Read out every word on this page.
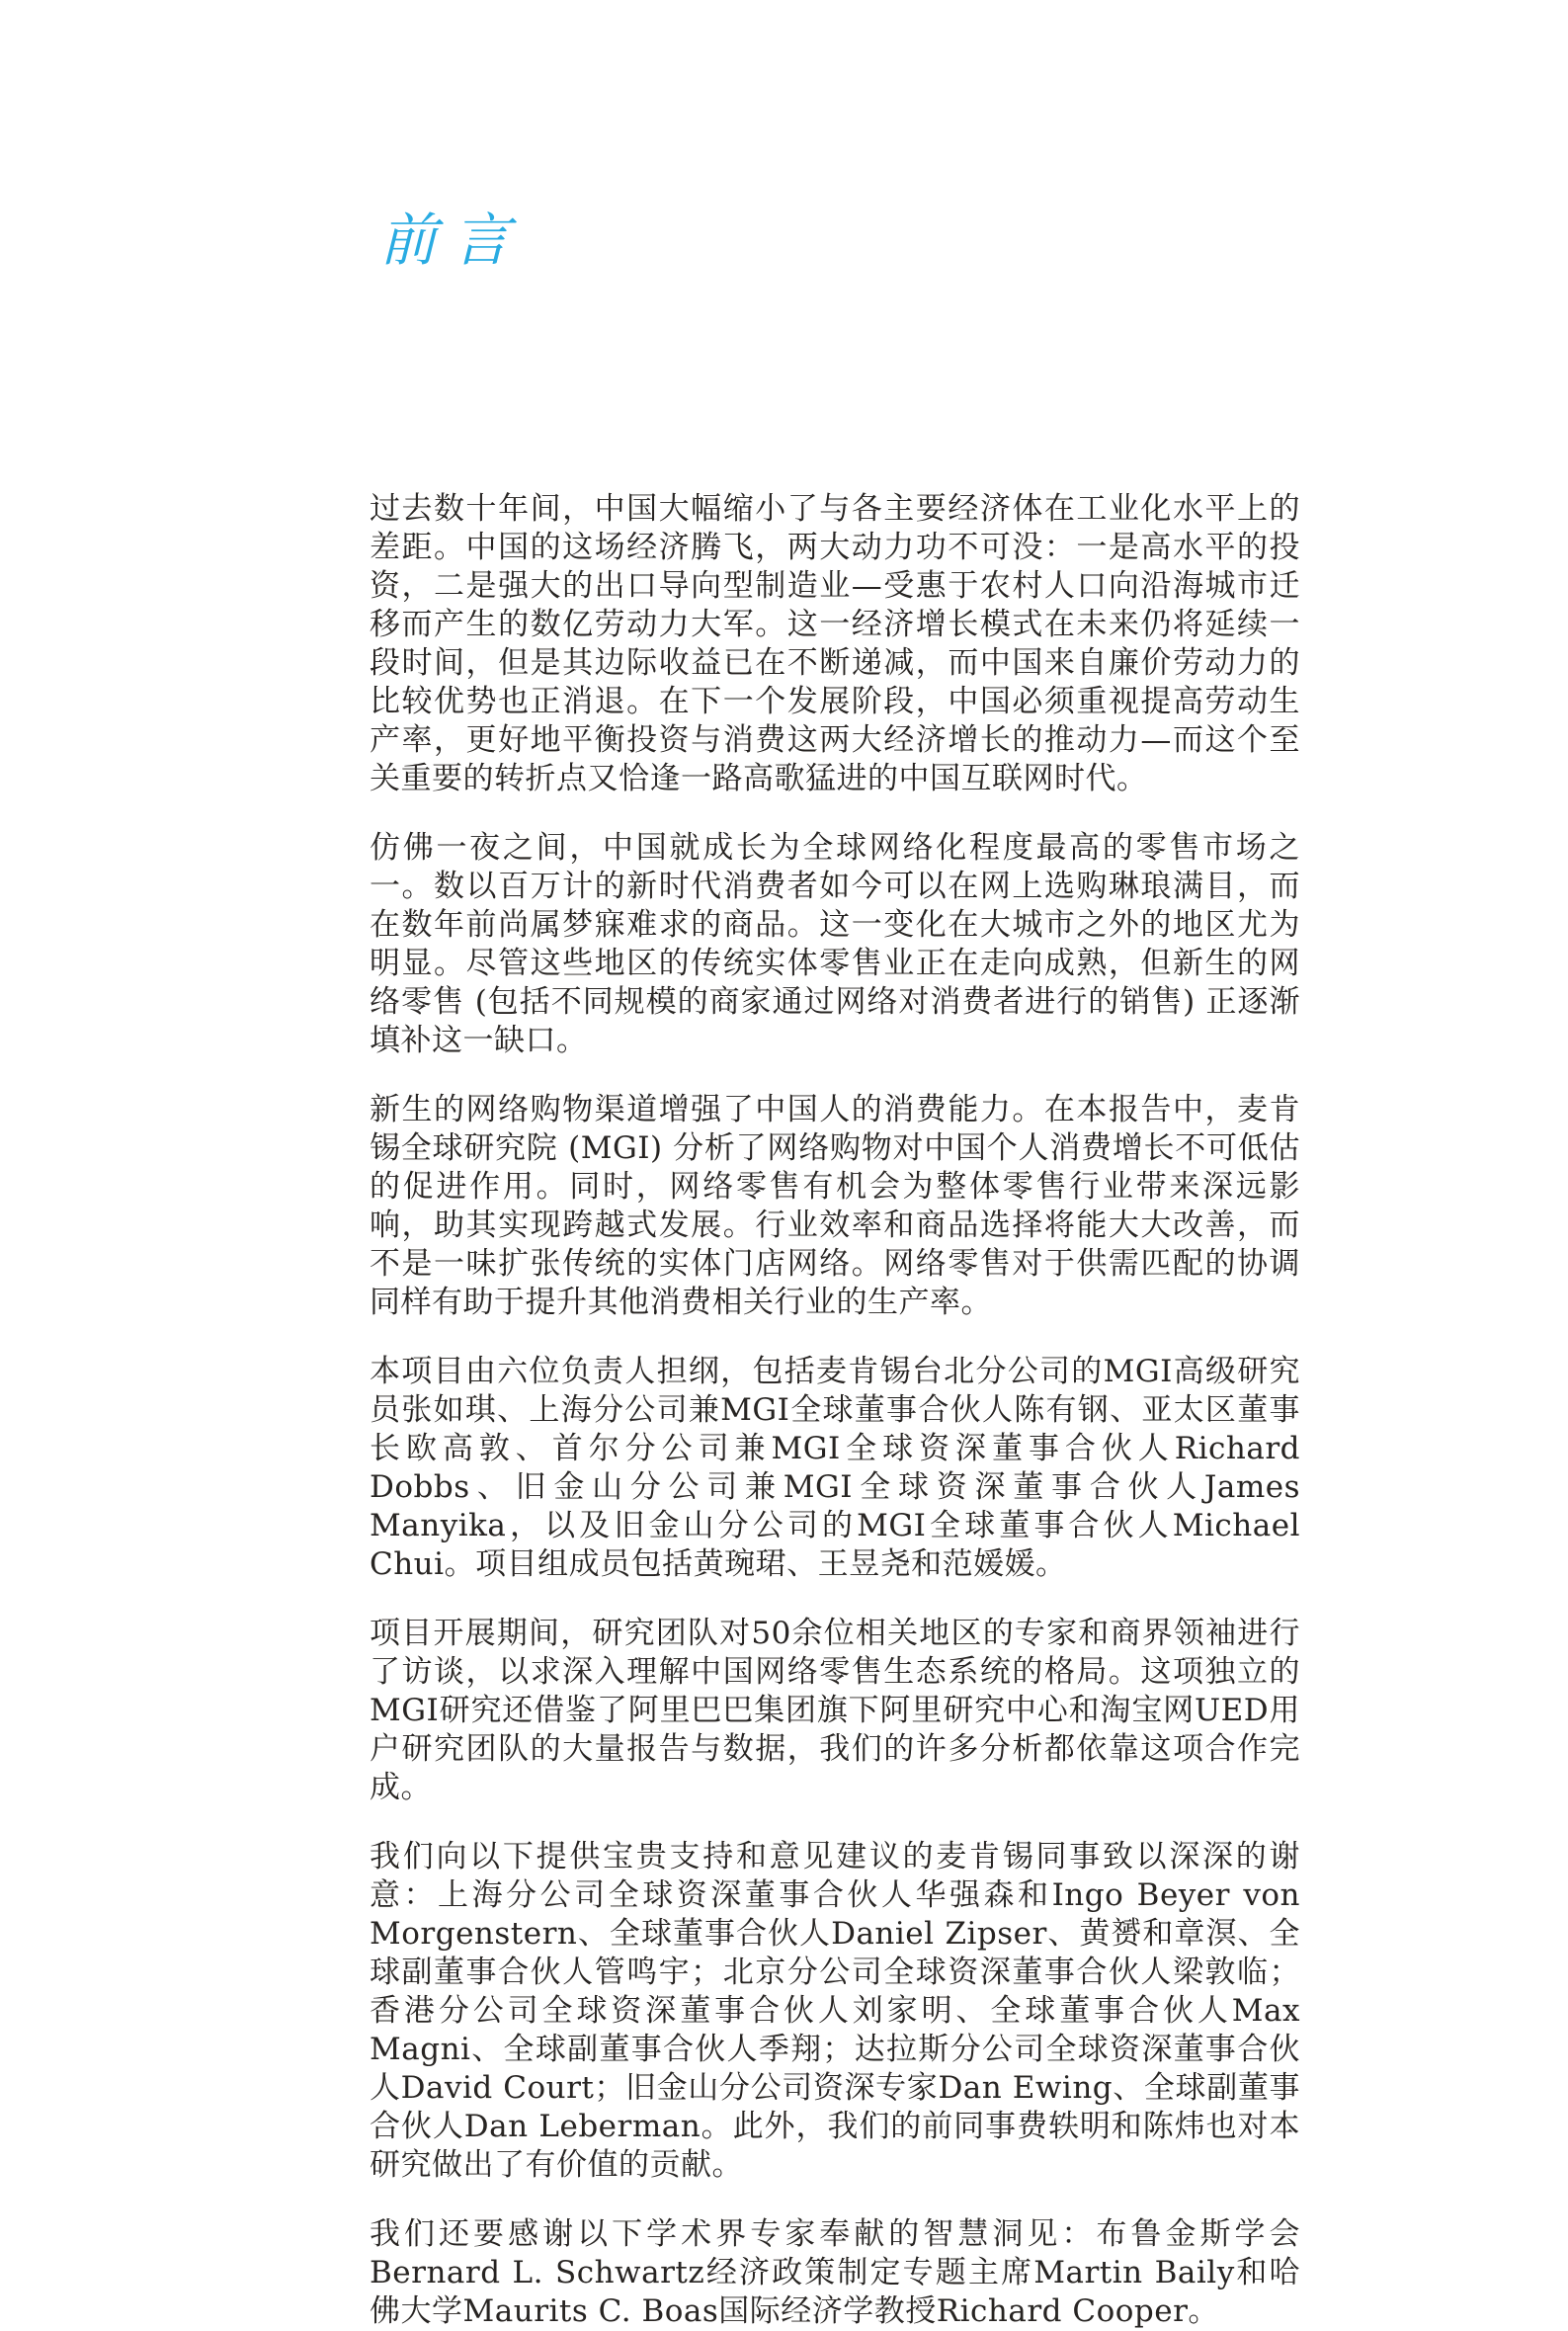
前言

过去数十年间，中国大幅缩小了与各主要经济体在工业化水平上的差距。中国的这场经济腾飞，两大动力功不可没：一是高水平的投资，二是强大的出口导向型制造业—受惠于农村人口向沿海城市迁移而产生的数亿劳动力大军。这一经济增长模式在未来仍将延续一段时间，但是其边际收益已在不断递减，而中国来自廉价劳动力的比较优势也正消退。在下一个发展阶段，中国必须重视提高劳动生产率，更好地平衡投资与消费这两大经济增长的推动力—而这个至关重要的转折点又恰逢一路高歌猛进的中国互联网时代。

仿佛一夜之间，中国就成长为全球网络化程度最高的零售市场之一。数以百万计的新时代消费者如今可以在网上选购琳琅满目，而在数年前尚属梦寐难求的商品。这一变化在大城市之外的地区尤为明显。尽管这些地区的传统实体零售业正在走向成熟，但新生的网络零售 (包括不同规模的商家通过网络对消费者进行的销售) 正逐渐填补这一缺口。

新生的网络购物渠道增强了中国人的消费能力。在本报告中，麦肯锡全球研究院 (MGI) 分析了网络购物对中国个人消费增长不可低估的促进作用。同时，网络零售有机会为整体零售行业带来深远影响，助其实现跨越式发展。行业效率和商品选择将能大大改善，而不是一味扩张传统的实体门店网络。网络零售对于供需匹配的协调同样有助于提升其他消费相关行业的生产率。

本项目由六位负责人担纲，包括麦肯锡台北分公司的MGI高级研究员张如琪、上海分公司兼MGI全球董事合伙人陈有钢、亚太区董事长欧高敦、首尔分公司兼MGI全球资深董事合伙人Richard Dobbs、旧金山分公司兼MGI全球资深董事合伙人James Manyika，以及旧金山分公司的MGI全球董事合伙人Michael Chui。项目组成员包括黄琬珺、王昱尧和范媛媛。

项目开展期间，研究团队对50余位相关地区的专家和商界领袖进行了访谈，以求深入理解中国网络零售生态系统的格局。这项独立的MGI研究还借鉴了阿里巴巴集团旗下阿里研究中心和淘宝网UED用户研究团队的大量报告与数据，我们的许多分析都依靠这项合作完成。

我们向以下提供宝贵支持和意见建议的麦肯锡同事致以深深的谢意：上海分公司全球资深董事合伙人华强森和Ingo Beyer von Morgenstern、全球董事合伙人Daniel Zipser、黄赟和章溟、全球副董事合伙人管鸣宇；北京分公司全球资深董事合伙人梁敦临；香港分公司全球资深董事合伙人刘家明、全球董事合伙人Max Magni、全球副董事合伙人季翔；达拉斯分公司全球资深董事合伙人David Court；旧金山分公司资深专家Dan Ewing、全球副董事合伙人Dan Leberman。此外，我们的前同事费轶明和陈炜也对本研究做出了有价值的贡献。

我们还要感谢以下学术界专家奉献的智慧洞见：布鲁金斯学会Bernard L. Schwartz经济政策制定专题主席Martin Baily和哈佛大学Maurits C. Boas国际经济学教授Richard Cooper。
